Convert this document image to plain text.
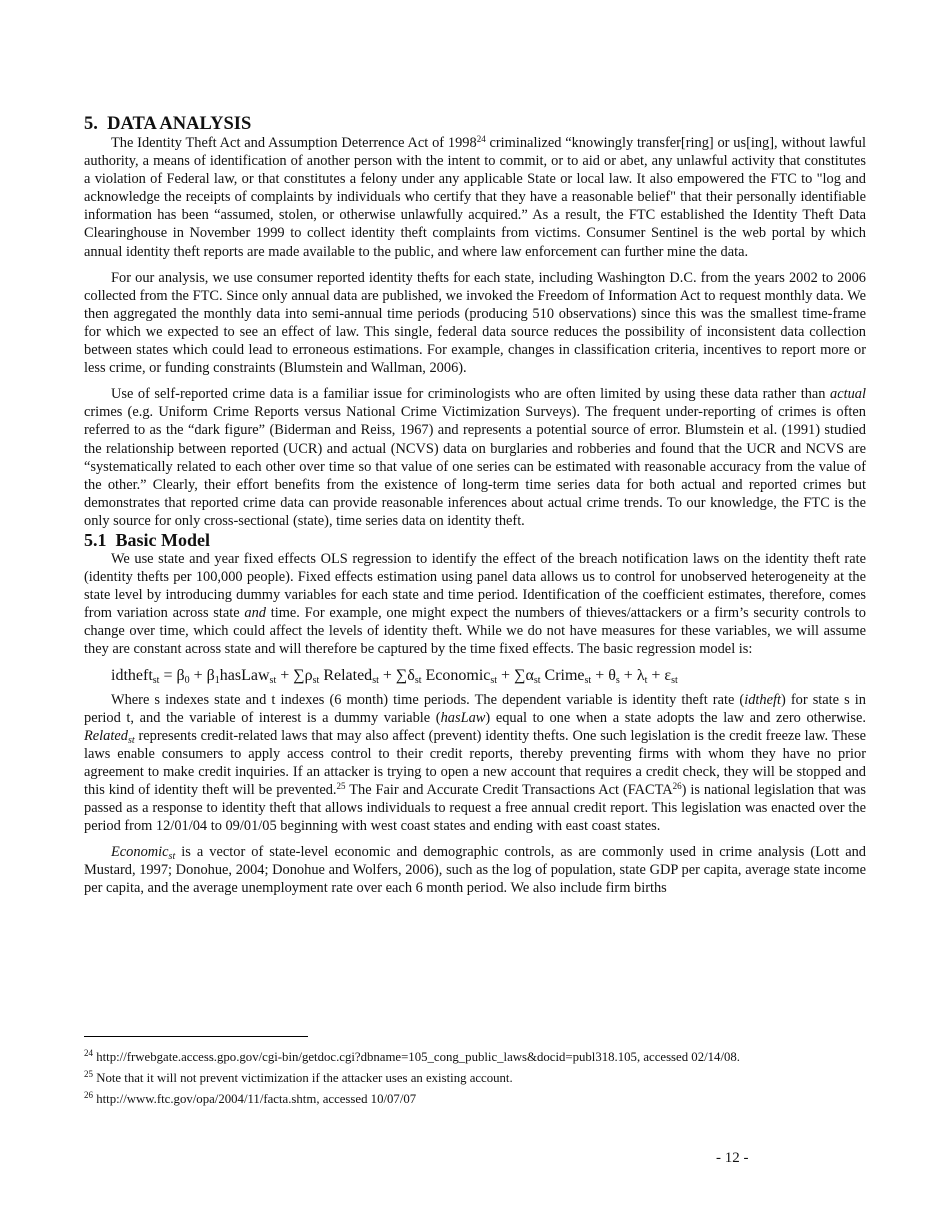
5. DATA ANALYSIS

The Identity Theft Act and Assumption Deterrence Act of 1998$^{24}$ criminalized “knowingly transfer[ring] or us[ing], without lawful authority, a means of identification of another person with the intent to commit, or to aid or abet, any unlawful activity that constitutes a violation of Federal law, or that constitutes a felony under any applicable State or local law. It also empowered the FTC to "log and acknowledge the receipts of complaints by individuals who certify that they have a reasonable belief" that their personally identifiable information has been “assumed, stolen, or otherwise unlawfully acquired.” As a result, the FTC established the Identity Theft Data Clearinghouse in November 1999 to collect identity theft complaints from victims. Consumer Sentinel is the web portal by which annual identity theft reports are made available to the public, and where law enforcement can further mine the data.

For our analysis, we use consumer reported identity thefts for each state, including Washington D.C. from the years 2002 to 2006 collected from the FTC. Since only annual data are published, we invoked the Freedom of Information Act to request monthly data. We then aggregated the monthly data into semi-annual time periods (producing 510 observations) since this was the smallest time-frame for which we expected to see an effect of law. This single, federal data source reduces the possibility of inconsistent data collection between states which could lead to erroneous estimations. For example, changes in classification criteria, incentives to report more or less crime, or funding constraints (Blumstein and Wallman, 2006).

Use of self-reported crime data is a familiar issue for criminologists who are often limited by using these data rather than actual crimes (e.g. Uniform Crime Reports versus National Crime Victimization Surveys). The frequent under-reporting of crimes is often referred to as the “dark figure” (Biderman and Reiss, 1967) and represents a potential source of error. Blumstein et al. (1991) studied the relationship between reported (UCR) and actual (NCVS) data on burglaries and robberies and found that the UCR and NCVS are “systematically related to each other over time so that value of one series can be estimated with reasonable accuracy from the value of the other.” Clearly, their effort benefits from the existence of long-term time series data for both actual and reported crimes but demonstrates that reported crime data can provide reasonable inferences about actual crime trends. To our knowledge, the FTC is the only source for only cross-sectional (state), time series data on identity theft.

5.1 Basic Model

We use state and year fixed effects OLS regression to identify the effect of the breach notification laws on the identity theft rate (identity thefts per 100,000 people). Fixed effects estimation using panel data allows us to control for unobserved heterogeneity at the state level by introducing dummy variables for each state and time period. Identification of the coefficient estimates, therefore, comes from variation across state and time. For example, one might expect the numbers of thieves/attackers or a firm’s security controls to change over time, which could affect the levels of identity theft. While we do not have measures for these variables, we will assume they are constant across state and will therefore be captured by the time fixed effects. The basic regression model is:

idtheft$_{st}$ = $\beta_0$ + $\beta_1hasLaw_{st} + \sum\rho_{st}$ Related$_{st}$ + $\sum\delta_{st}$ Economic$_{st}$ + $\sum\alpha_{st}$ Crime$_{st}$ + $\theta_s + \lambda_t + \varepsilon_{st}$

Where s indexes state and t indexes (6 month) time periods. The dependent variable is identity theft rate (idtheft) for state s in period t, and the variable of interest is a dummy variable (hasLaw) equal to one when a state adopts the law and zero otherwise. Related$_{st}$ represents credit-related laws that may also affect (prevent) identity thefts. One such legislation is the credit freeze law. These laws enable consumers to apply access control to their credit reports, thereby preventing firms with whom they have no prior agreement to make credit inquiries. If an attacker is trying to open a new account that requires a credit check, they will be stopped and this kind of identity theft will be prevented.$^{25}$ The Fair and Accurate Credit Transactions Act (FACTA$^{26}$) is national legislation that was passed as a response to identity theft that allows individuals to request a free annual credit report. This legislation was enacted over the period from 12/01/04 to 09/01/05 beginning with west coast states and ending with east coast states.

Economic$_{st}$ is a vector of state-level economic and demographic controls, as are commonly used in crime analysis (Lott and Mustard, 1997; Donohue, 2004; Donohue and Wolfers, 2006), such as the log of population, state GDP per capita, average state income per capita, and the average unemployment rate over each 6 month period. We also include firm births

$^{24}$ http://frwebgate.access.gpo.gov/cgi-bin/getdoc.cgi?dbname=105_cong_public_laws&docid=publ318.105, accessed 02/14/08.
$^{25}$ Note that it will not prevent victimization if the attacker uses an existing account.
$^{26}$ http://www.ftc.gov/opa/2004/11/facta.shtm, accessed 10/07/07
- 12 -
